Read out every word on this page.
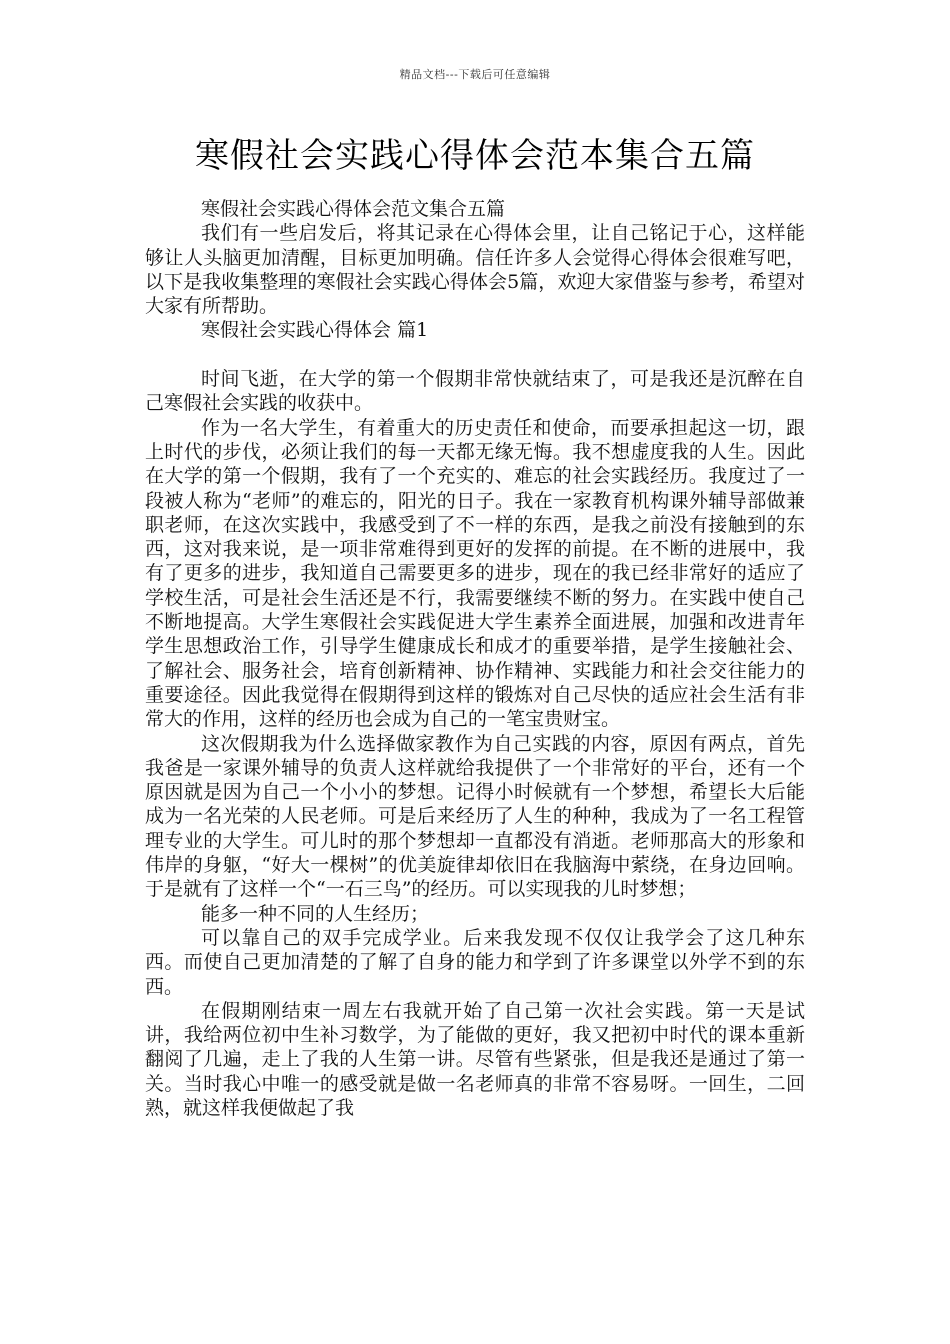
精品文档---下载后可任意编辑
寒假社会实践心得体会范本集合五篇

寒假社会实践心得体会范文集合五篇

我们有一些启发后，将其记录在心得体会里，让自己铭记于心，这样能够让人头脑更加清醒，目标更加明确。信任许多人会觉得心得体会很难写吧，以下是我收集整理的寒假社会实践心得体会5篇，欢迎大家借鉴与参考，希望对大家有所帮助。

寒假社会实践心得体会 篇1

时间飞逝，在大学的第一个假期非常快就结束了，可是我还是沉醉在自己寒假社会实践的收获中。

作为一名大学生，有着重大的历史责任和使命，而要承担起这一切，跟上时代的步伐，必须让我们的每一天都无缘无悔。我不想虚度我的人生。因此在大学的第一个假期，我有了一个充实的、难忘的社会实践经历。我度过了一段被人称为“老师”的难忘的，阳光的日子。我在一家教育机构课外辅导部做兼职老师，在这次实践中，我感受到了不一样的东西，是我之前没有接触到的东西，这对我来说，是一项非常难得到更好的发挥的前提。在不断的进展中，我有了更多的进步，我知道自己需要更多的进步，现在的我已经非常好的适应了学校生活，可是社会生活还是不行，我需要继续不断的努力。在实践中使自己不断地提高。大学生寒假社会实践促进大学生素养全面进展，加强和改进青年学生思想政治工作，引导学生健康成长和成才的重要举措，是学生接触社会、了解社会、服务社会，培育创新精神、协作精神、实践能力和社会交往能力的重要途径。因此我觉得在假期得到这样的锻炼对自己尽快的适应社会生活有非常大的作用，这样的经历也会成为自己的一笔宝贵财宝。

这次假期我为什么选择做家教作为自己实践的内容，原因有两点，首先我爸是一家课外辅导的负责人这样就给我提供了一个非常好的平台，还有一个原因就是因为自己一个小小的梦想。记得小时候就有一个梦想，希望长大后能成为一名光荣的人民老师。可是后来经历了人生的种种，我成为了一名工程管理专业的大学生。可儿时的那个梦想却一直都没有消逝。老师那高大的形象和伟岸的身躯，“好大一棵树”的优美旋律却依旧在我脑海中萦绕，在身边回响。于是就有了这样一个“一石三鸟”的经历。可以实现我的儿时梦想；

能多一种不同的人生经历；

可以靠自己的双手完成学业。后来我发现不仅仅让我学会了这几种东西。而使自己更加清楚的了解了自身的能力和学到了许多课堂以外学不到的东西。

在假期刚结束一周左右我就开始了自己第一次社会实践。第一天是试讲，我给两位初中生补习数学，为了能做的更好，我又把初中时代的课本重新翻阅了几遍，走上了我的人生第一讲。尽管有些紧张，但是我还是通过了第一关。当时我心中唯一的感受就是做一名老师真的非常不容易呀。一回生，二回熟，就这样我便做起了我
